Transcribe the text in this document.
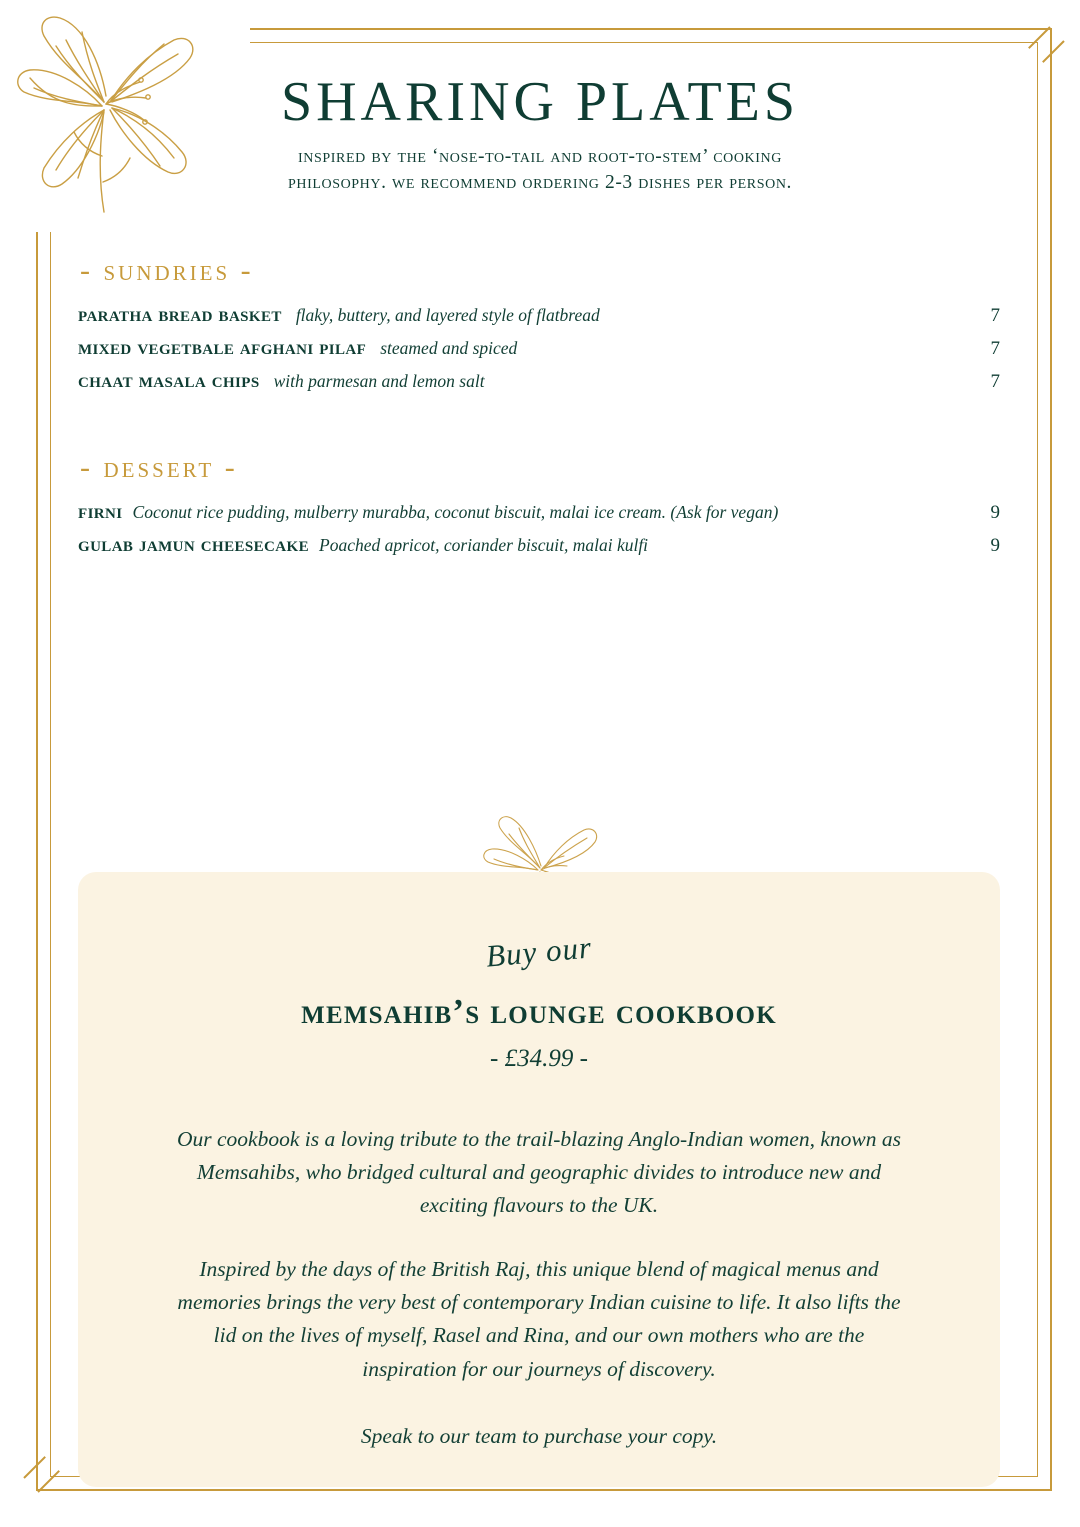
SHARING PLATES
inspired by the ‘nose-to-tail and root-to-stem’ cooking
philosophy. we recommend ordering 2-3 dishes per person.
- sundries -
paratha bread basket flaky, buttery, and layered style of flatbread	7
mixed vegetbale afghani pilaf steamed and spiced	7
chaat masala chips with parmesan and lemon salt	7
- dessert -
firni Coconut rice pudding, mulberry murabba, coconut biscuit, malai ice cream. (Ask for vegan)	9
gulab jamun cheesecake Poached apricot, coriander biscuit, malai kulfi	9
Buy our
memsahib’s lounge cookbook

- £34.99 -

Our cookbook is a loving tribute to the trail-blazing Anglo-Indian women, known as Memsahibs, who bridged cultural and geographic divides to introduce new and exciting flavours to the UK.

Inspired by the days of the British Raj, this unique blend of magical menus and memories brings the very best of contemporary Indian cuisine to life. It also lifts the lid on the lives of myself, Rasel and Rina, and our own mothers who are the inspiration for our journeys of discovery.

Speak to our team to purchase your copy.
